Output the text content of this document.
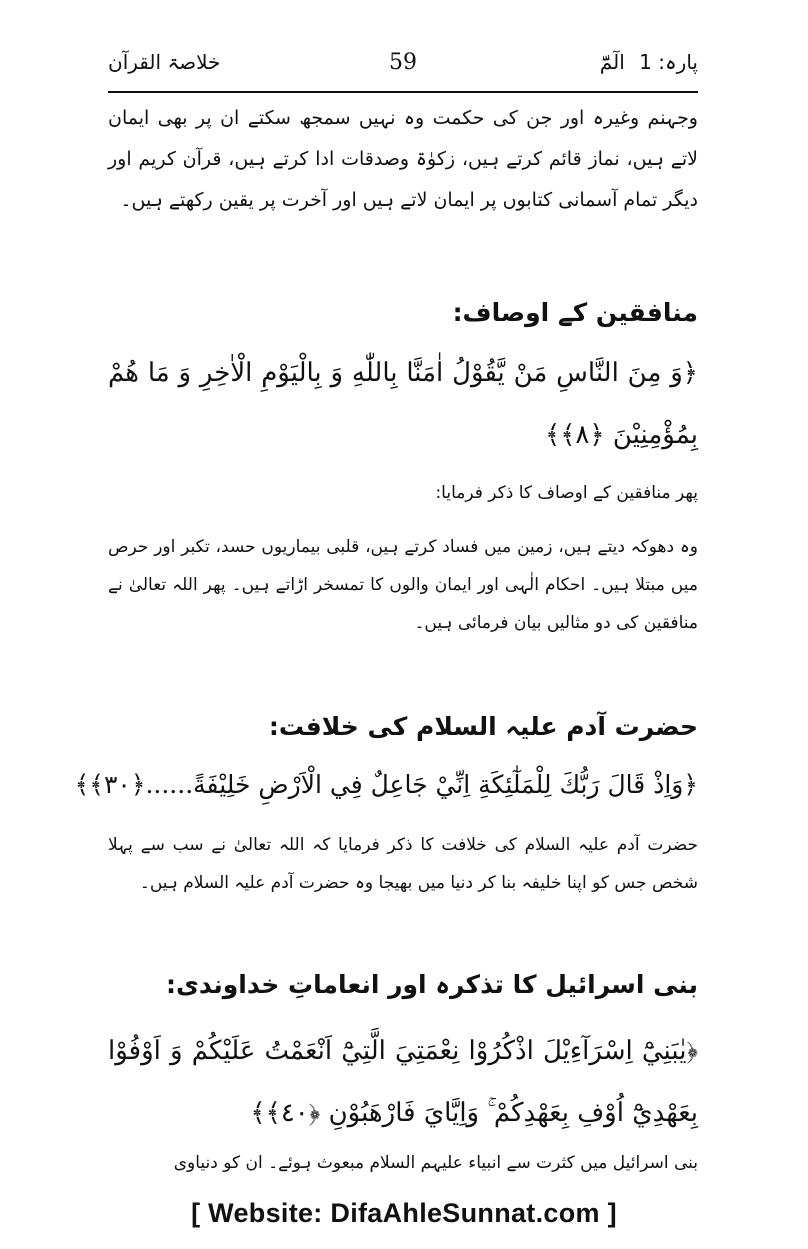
پارہ: 1 الٓمّٓ
59
خلاصۃ القرآن
وجہنم وغیرہ اور جن کی حکمت وہ نہیں سمجھ سکتے ان پر بھی ایمان لاتے ہیں، نماز قائم کرتے ہیں، زکوٰۃ وصدقات ادا کرتے ہیں، قرآن کریم اور دیگر تمام آسمانی کتابوں پر ایمان لاتے ہیں اور آخرت پر یقین رکھتے ہیں۔
منافقین کے اوصاف:
﴿وَ مِنَ النَّاسِ مَنْ يَّقُوْلُ اٰمَنَّا بِاللّٰهِ وَ بِالْيَوْمِ الْاٰخِرِ وَ مَا هُمْ بِمُؤْمِنِيْنَ ﴿٨﴾﴾
پھر منافقین کے اوصاف کا ذکر فرمایا:
وہ دھوکہ دیتے ہیں، زمین میں فساد کرتے ہیں، قلبی بیماریوں حسد، تکبر اور حرص میں مبتلا ہیں۔ احکام الٰہی اور ایمان والوں کا تمسخر اڑاتے ہیں۔ پھر اللہ تعالیٰ نے منافقین کی دو مثالیں بیان فرمائی ہیں۔
حضرت آدم علیہ السلام کی خلافت:
﴿وَاِذْ قَالَ رَبُّكَ لِلْمَلٰٓئِكَةِ اِنِّيْ جَاعِلٌ فِي الْاَرْضِ خَلِيْفَةً......﴿٣٠﴾﴾
حضرت آدم علیہ السلام کی خلافت کا ذکر فرمایا کہ اللہ تعالیٰ نے سب سے پہلا شخص جس کو اپنا خلیفہ بنا کر دنیا میں بھیجا وہ حضرت آدم علیہ السلام ہیں۔
بنی اسرائیل کا تذکرہ اور انعاماتِ خداوندی:
﴿يٰبَنِيْٓ اِسْرَآءِيْلَ اذْكُرُوْا نِعْمَتِيَ الَّتِيْٓ اَنْعَمْتُ عَلَيْكُمْ وَ اَوْفُوْا بِعَهْدِيْٓ اُوْفِ بِعَهْدِكُمْ ۚ وَاِيَّايَ فَارْهَبُوْنِ ﴿٤٠﴾﴾
بنی اسرائیل میں کثرت سے انبیاء علیہم السلام مبعوث ہوئے۔ ان کو دنیاوی
[ Website: DifaAhleSunnat.com ]
